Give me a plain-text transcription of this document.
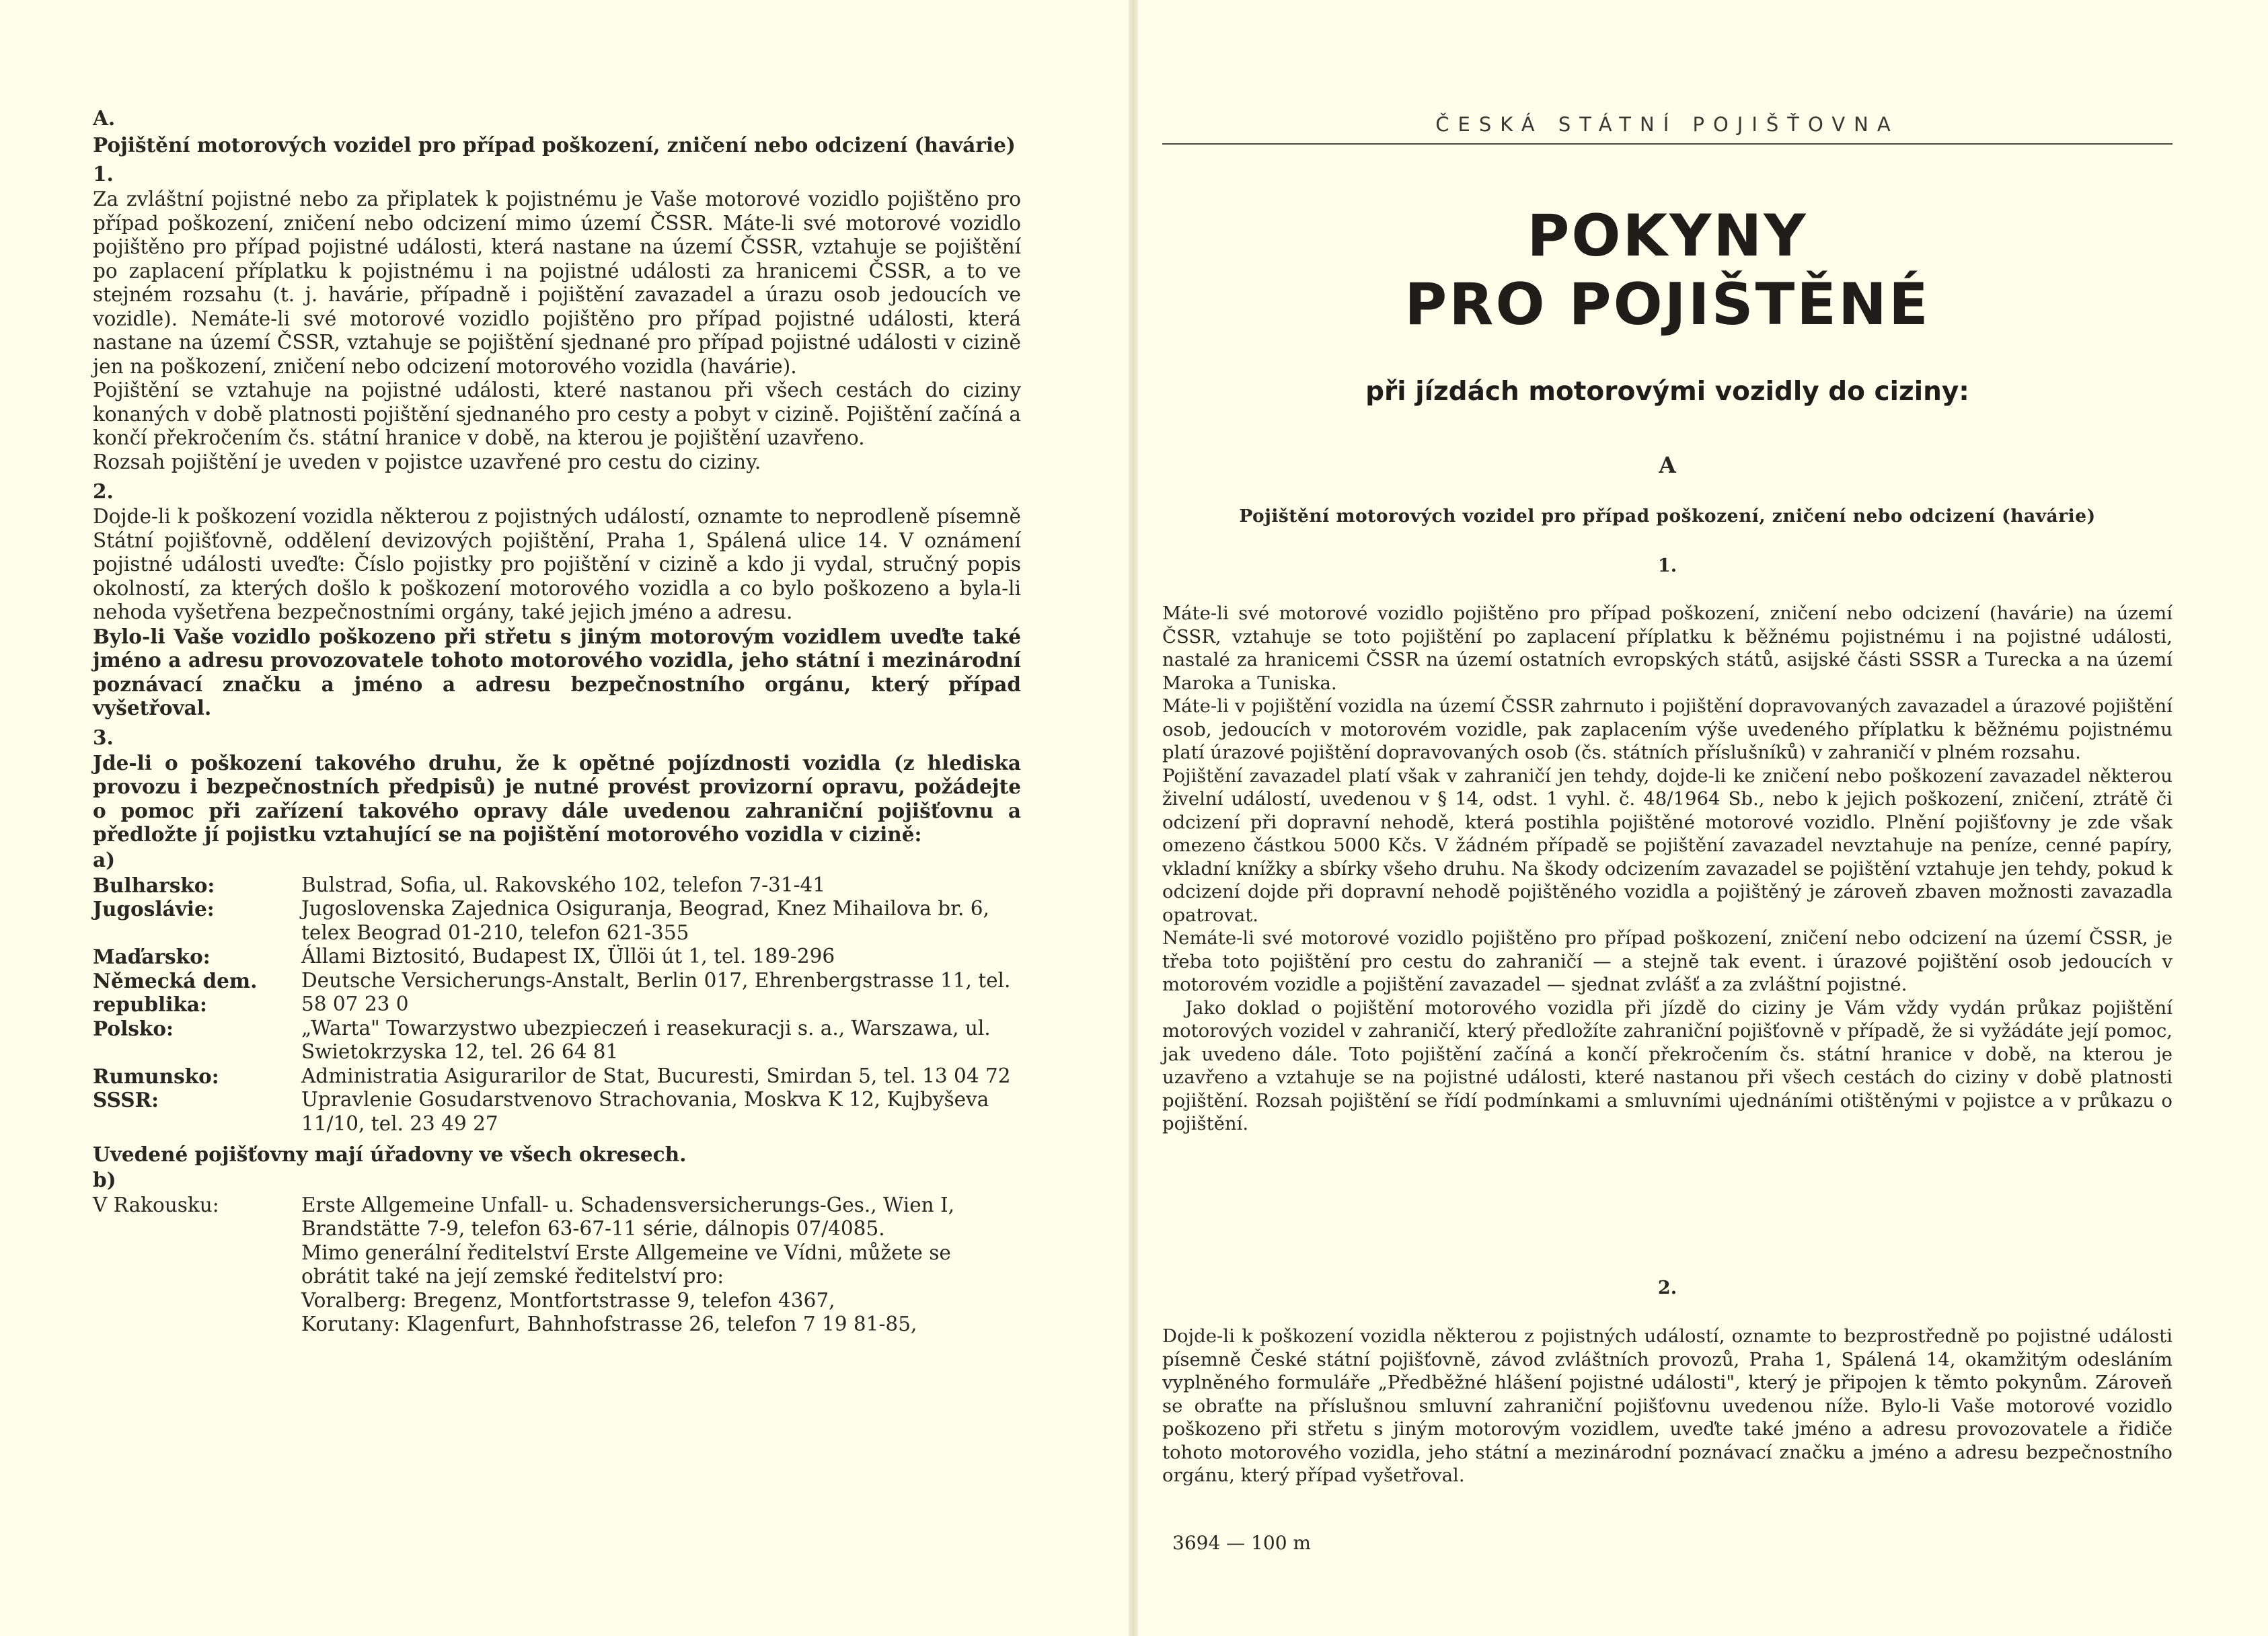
A.

Pojištění motorových vozidel pro případ poškození, zničení nebo odcizení (havárie)

1.

Za zvláštní pojistné nebo za připlatek k pojistnému je Vaše motorové vozidlo pojištěno pro případ poškození, zničení nebo odcizení mimo území ČSSR. Máte-li své motorové vozidlo pojištěno pro případ pojistné události, která nastane na území ČSSR, vztahuje se pojištění po zaplacení příplatku k pojistnému i na pojistné události za hranicemi ČSSR, a to ve stejném rozsahu (t. j. havárie, případně i pojištění zavazadel a úrazu osob jedoucích ve vozidle). Nemáte-li své motorové vozidlo pojištěno pro případ pojistné události, která nastane na území ČSSR, vztahuje se pojištění sjednané pro případ pojistné události v cizině jen na poškození, zničení nebo odcizení motorového vozidla (havárie).

Pojištění se vztahuje na pojistné události, které nastanou při všech cestách do ciziny konaných v době platnosti pojištění sjednaného pro cesty a pobyt v cizině. Pojištění začíná a končí překročením čs. státní hranice v době, na kterou je pojištění uzavřeno.

Rozsah pojištění je uveden v pojistce uzavřené pro cestu do ciziny.

2.

Dojde-li k poškození vozidla některou z pojistných událostí, oznamte to neprodleně písemně Státní pojišťovně, oddělení devizových pojištění, Praha 1, Spálená ulice 14. V oznámení pojistné události uveďte: Číslo pojistky pro pojištění v cizině a kdo ji vydal, stručný popis okolností, za kterých došlo k poškození motorového vozidla a co bylo poškozeno a byla-li nehoda vyšetřena bezpečnostními orgány, také jejich jméno a adresu.

Bylo-li Vaše vozidlo poškozeno při střetu s jiným motorovým vozidlem uveďte také jméno a adresu provozovatele tohoto motorového vozidla, jeho státní i mezinárodní poznávací značku a jméno a adresu bezpečnostního orgánu, který případ vyšetřoval.

3.

Jde-li o poškození takového druhu, že k opětné pojízdnosti vozidla (z hlediska provozu i bezpečnostních předpisů) je nutné provést provizorní opravu, požádejte o pomoc při zařízení takového opravy dále uvedenou zahraniční pojišťovnu a předložte jí pojistku vztahující se na pojištění motorového vozidla v cizině:

a)

Bulharsko:	Bulstrad, Sofia, ul. Rakovského 102, telefon 7-31-41
Jugoslávie:	Jugoslovenska Zajednica Osiguranja, Beograd, Knez Mihailova br. 6, telex Beograd 01-210, telefon 621-355
Maďarsko:	Állami Biztositó, Budapest IX, Üllöi út 1, tel. 189-296
Německá dem. republika:	Deutsche Versicherungs-Anstalt, Berlin 017, Ehrenbergstrasse 11, tel. 58 07 23 0
Polsko:	„Warta" Towarzystwo ubezpieczeń i reasekuracji s. a., Warszawa, ul. Swietokrzyska 12, tel. 26 64 81
Rumunsko:	Administratia Asigurarilor de Stat, Bucuresti, Smirdan 5, tel. 13 04 72
SSSR:	Upravlenie Gosudarstvenovo Strachovania, Moskva K 12, Kujbyševa 11/10, tel. 23 49 27

Uvedené pojišťovny mají úřadovny ve všech okresech.

b)

V Rakousku:	Erste Allgemeine Unfall- u. Schadensversicherungs-Ges., Wien I, Brandstätte 7-9, telefon 63-67-11 série, dálnopis 07/4085.
Mimo generální ředitelství Erste Allgemeine ve Vídni, můžete se obrátit také na její zemské ředitelství pro:
Voralberg: Bregenz, Montfortstrasse 9, telefon 4367,
Korutany: Klagenfurt, Bahnhofstrasse 26, telefon 7 19 81-85,
ČESKÁ STÁTNÍ POJIŠŤOVNA
POKYNY
PRO POJIŠTĚNÉ
při jízdách motorovými vozidly do ciziny:
A
Pojištění motorových vozidel pro případ poškození, zničení nebo odcizení (havárie)
1.

Máte-li své motorové vozidlo pojištěno pro případ poškození, zničení nebo odcizení (havárie) na území ČSSR, vztahuje se toto pojištění po zaplacení příplatku k běžnému pojistnému i na pojistné události, nastalé za hranicemi ČSSR na území ostatních evropských států, asijské části SSSR a Turecka a na území Maroka a Tuniska.

Máte-li v pojištění vozidla na území ČSSR zahrnuto i pojištění dopravovaných zavazadel a úrazové pojištění osob, jedoucích v motorovém vozidle, pak zaplacením výše uvedeného příplatku k běžnému pojistnému platí úrazové pojištění dopravovaných osob (čs. státních příslušníků) v zahraničí v plném rozsahu.

Pojištění zavazadel platí však v zahraničí jen tehdy, dojde-li ke zničení nebo poškození zavazadel některou živelní událostí, uvedenou v § 14, odst. 1 vyhl. č. 48/1964 Sb., nebo k jejich poškození, zničení, ztrátě či odcizení při dopravní nehodě, která postihla pojištěné motorové vozidlo. Plnění pojišťovny je zde však omezeno částkou 5000 Kčs. V žádném případě se pojištění zavazadel nevztahuje na peníze, cenné papíry, vkladní knížky a sbírky všeho druhu. Na škody odcizením zavazadel se pojištění vztahuje jen tehdy, pokud k odcizení dojde při dopravní nehodě pojištěného vozidla a pojištěný je zároveň zbaven možnosti zavazadla opatrovat.

Nemáte-li své motorové vozidlo pojištěno pro případ poškození, zničení nebo odcizení na území ČSSR, je třeba toto pojištění pro cestu do zahraničí — a stejně tak event. i úrazové pojištění osob jedoucích v motorovém vozidle a pojištění zavazadel — sjednat zvlášť a za zvláštní pojistné.

Jako doklad o pojištění motorového vozidla při jízdě do ciziny je Vám vždy vydán průkaz pojištění motorových vozidel v zahraničí, který předložíte zahraniční pojišťovně v případě, že si vyžádáte její pomoc, jak uvedeno dále. Toto pojištění začíná a končí překročením čs. státní hranice v době, na kterou je uzavřeno a vztahuje se na pojistné události, které nastanou při všech cestách do ciziny v době platnosti pojištění. Rozsah pojištění se řídí podmínkami a smluvními ujednáními otištěnými v pojistce a v průkazu o pojištění.

2.

Dojde-li k poškození vozidla některou z pojistných událostí, oznamte to bezprostředně po pojistné události písemně České státní pojišťovně, závod zvláštních provozů, Praha 1, Spálená 14, okamžitým odesláním vyplněného formuláře „Předběžné hlášení pojistné události", který je připojen k těmto pokynům. Zároveň se obraťte na příslušnou smluvní zahraniční pojišťovnu uvedenou níže. Bylo-li Vaše motorové vozidlo poškozeno při střetu s jiným motorovým vozidlem, uveďte také jméno a adresu provozovatele a řidiče tohoto motorového vozidla, jeho státní a mezinárodní poznávací značku a jméno a adresu bezpečnostního orgánu, který případ vyšetřoval.

3694 — 100 m
